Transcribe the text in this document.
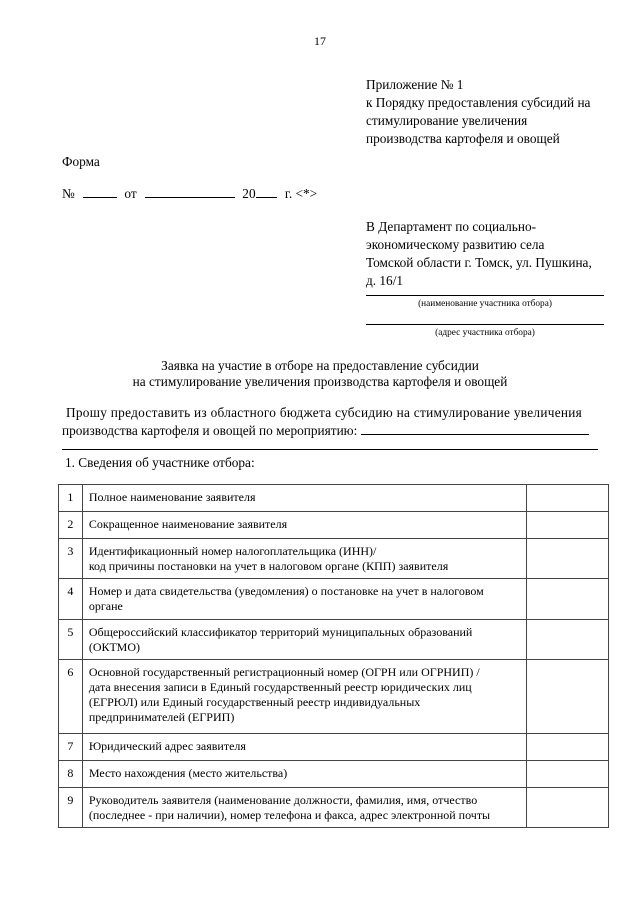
17
Приложение № 1
к Порядку предоставления субсидий на
стимулирование увеличения
производства картофеля и овощей
Форма
№	от	20 г. <*>
В Департамент по социально-
экономическому развитию села
Томской области г. Томск, ул. Пушкина,
д. 16/1
(наименование участника отбора)
(адрес участника отбора)
Заявка на участие в отборе на предоставление субсидии
на стимулирование увеличения производства картофеля и овощей
Прошу предоставить из областного бюджета субсидию на стимулирование увеличения
производства картофеля и овощей по мероприятию:
1. Сведения об участнике отбора:
1	Полное наименование заявителя	
2	Сокращенное наименование заявителя	
3	Идентификационный номер налогоплательщика (ИНН)/
код причины постановки на учет в налоговом органе (КПП) заявителя	
4	Номер и дата свидетельства (уведомления) о постановке на учет в налоговом
органе	
5	Общероссийский классификатор территорий муниципальных образований
(ОКТМО)	
6	Основной государственный регистрационный номер (ОГРН или ОГРНИП) /
дата внесения записи в Единый государственный реестр юридических лиц
(ЕГРЮЛ) или Единый государственный реестр индивидуальных
предпринимателей (ЕГРИП)	
7	Юридический адрес заявителя	
8	Место нахождения (место жительства)	
9	Руководитель заявителя (наименование должности, фамилия, имя, отчество
(последнее - при наличии), номер телефона и факса, адрес электронной почты	
